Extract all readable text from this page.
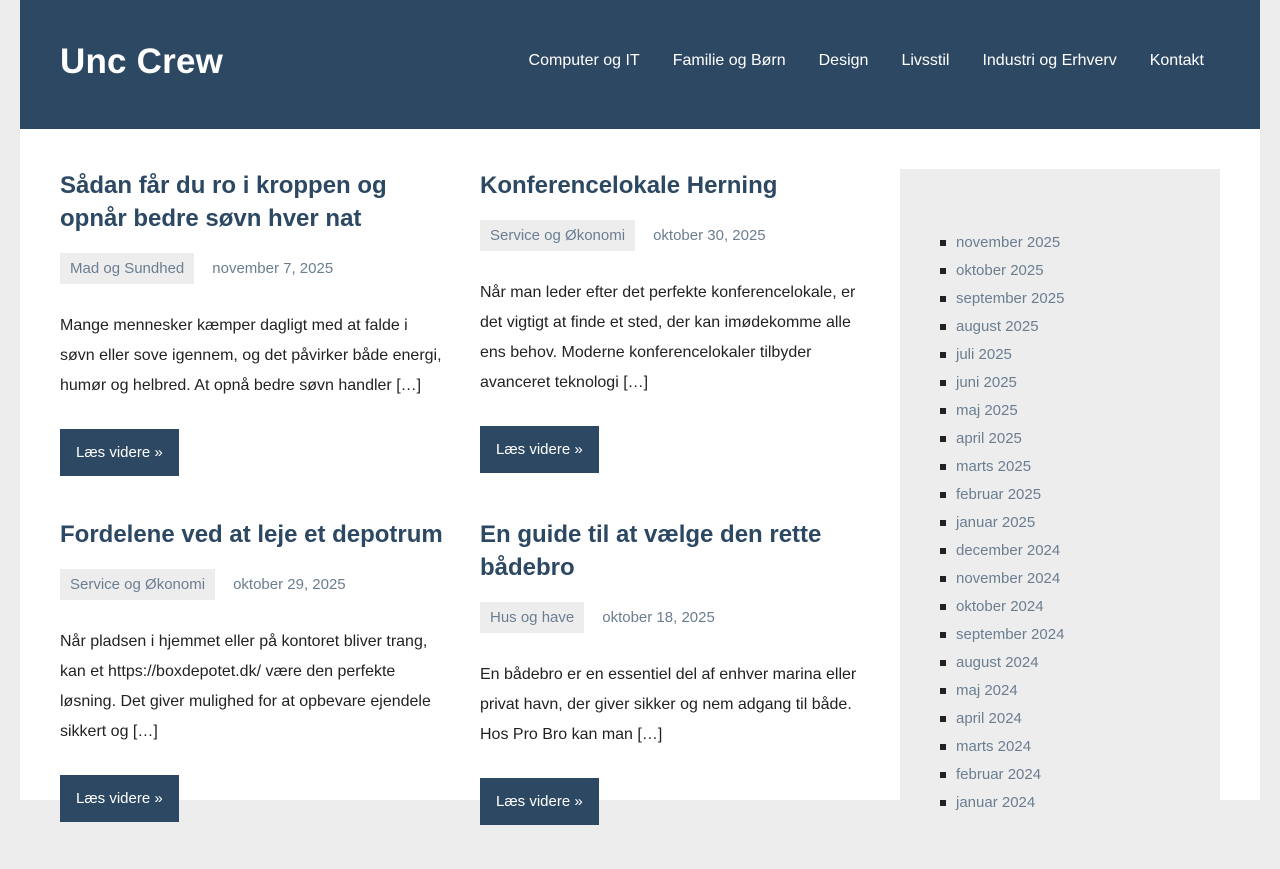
Unc Crew	Computer og IT Familie og Børn Design Livsstil Industri og Erhverv Kontakt
Sådan får du ro i kroppen og opnår bedre søvn hver nat
Mad og Sundhed	november 7, 2025

Mange mennesker kæmper dagligt med at falde i søvn eller sove igennem, og det påvirker både energi, humør og helbred. At opnå bedre søvn handler […]

Læs videre »
Konferencelokale Herning
Service og Økonomi	oktober 30, 2025

Når man leder efter det perfekte konferencelokale, er det vigtigt at finde et sted, der kan imødekomme alle ens behov. Moderne konferencelokaler tilbyder avanceret teknologi […]

Læs videre »
Fordelene ved at leje et depotrum
Service og Økonomi	oktober 29, 2025

Når pladsen i hjemmet eller på kontoret bliver trang, kan et https://boxdepotet.dk/ være den perfekte løsning. Det giver mulighed for at opbevare ejendele sikkert og […]

Læs videre »
En guide til at vælge den rette bådebro
Hus og have	oktober 18, 2025

En bådebro er en essentiel del af enhver marina eller privat havn, der giver sikker og nem adgang til både. Hos Pro Bro kan man […]

Læs videre »
november 2025
oktober 2025
september 2025
august 2025
juli 2025
juni 2025
maj 2025
april 2025
marts 2025
februar 2025
januar 2025
december 2024
november 2024
oktober 2024
september 2024
august 2024
maj 2024
april 2024
marts 2024
februar 2024
januar 2024
